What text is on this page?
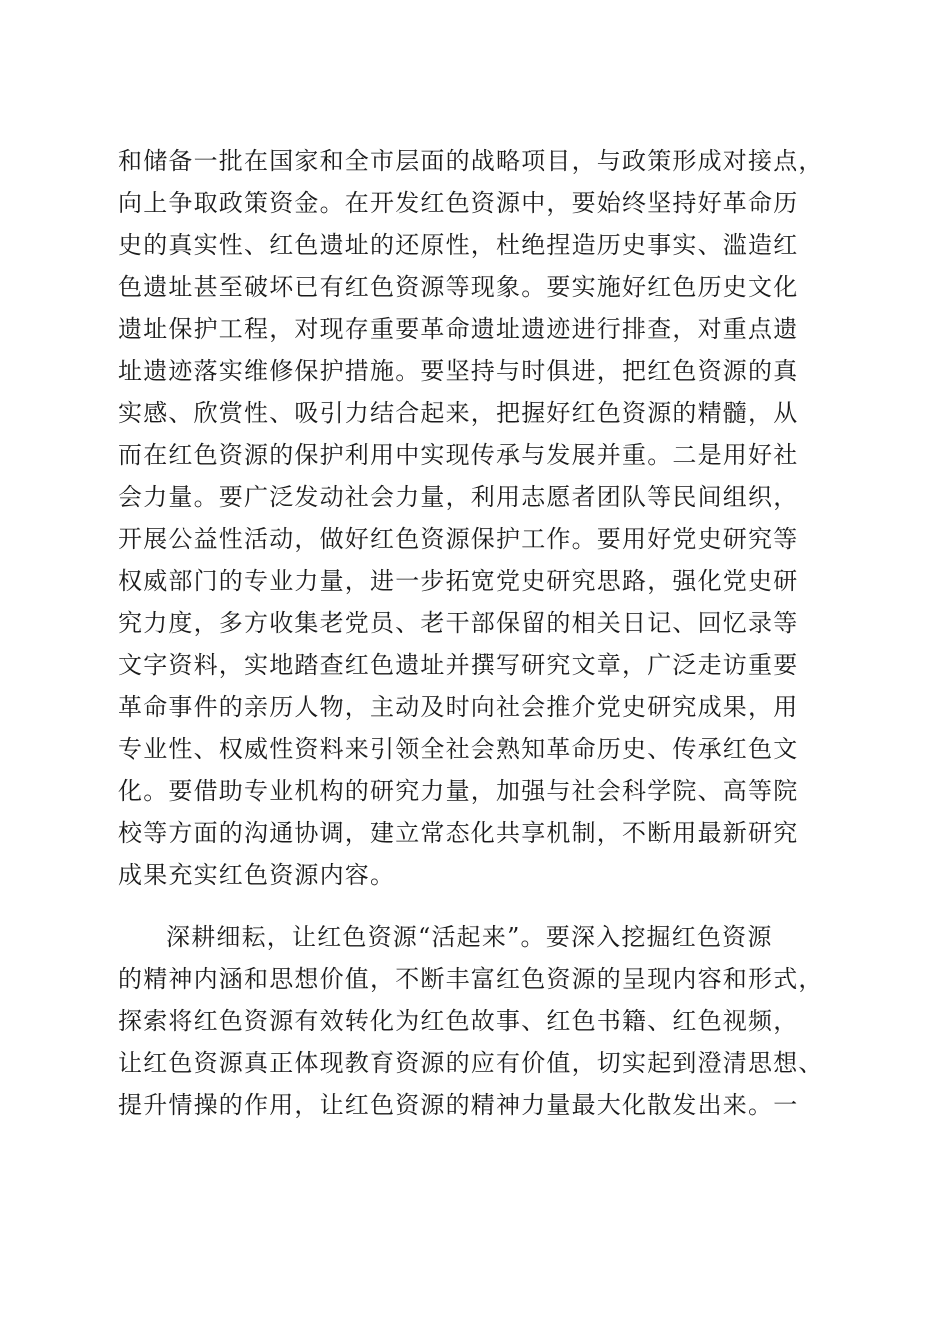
和储备一批在国家和全市层面的战略项目，与政策形成对接点，
向上争取政策资金。在开发红色资源中，要始终坚持好革命历
史的真实性、红色遗址的还原性，杜绝捏造历史事实、滥造红
色遗址甚至破坏已有红色资源等现象。要实施好红色历史文化
遗址保护工程，对现存重要革命遗址遗迹进行排查，对重点遗
址遗迹落实维修保护措施。要坚持与时俱进，把红色资源的真
实感、欣赏性、吸引力结合起来，把握好红色资源的精髓，从
而在红色资源的保护利用中实现传承与发展并重。二是用好社
会力量。要广泛发动社会力量，利用志愿者团队等民间组织，
开展公益性活动，做好红色资源保护工作。要用好党史研究等
权威部门的专业力量，进一步拓宽党史研究思路，强化党史研
究力度，多方收集老党员、老干部保留的相关日记、回忆录等
文字资料，实地踏查红色遗址并撰写研究文章，广泛走访重要
革命事件的亲历人物，主动及时向社会推介党史研究成果，用
专业性、权威性资料来引领全社会熟知革命历史、传承红色文
化。要借助专业机构的研究力量，加强与社会科学院、高等院
校等方面的沟通协调，建立常态化共享机制，不断用最新研究
成果充实红色资源内容。
深耕细耘，让红色资源“活起来”。要深入挖掘红色资源
的精神内涵和思想价值，不断丰富红色资源的呈现内容和形式，
探索将红色资源有效转化为红色故事、红色书籍、红色视频，
让红色资源真正体现教育资源的应有价值，切实起到澄清思想、
提升情操的作用，让红色资源的精神力量最大化散发出来。一
